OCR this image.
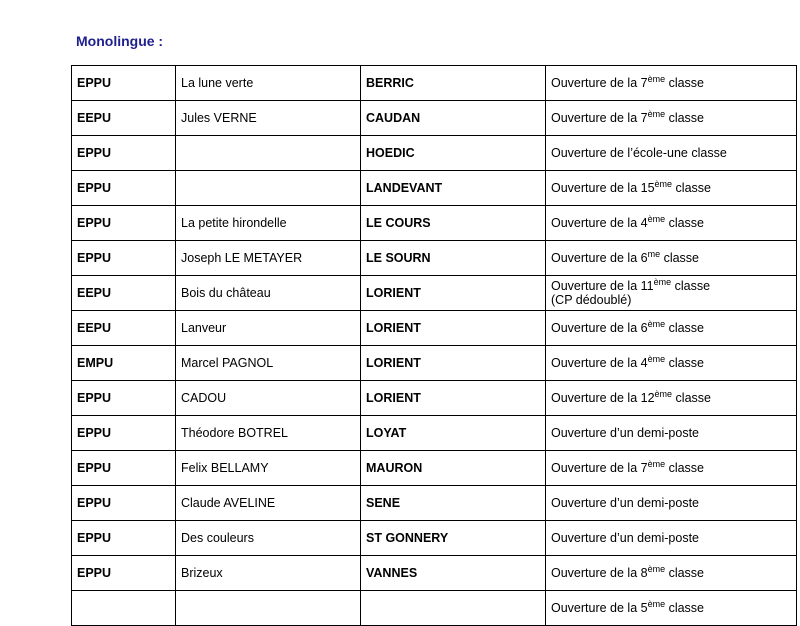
Monolingue :
EPPU	La lune verte	BERRIC	Ouverture de la 7ème classe
EEPU	Jules VERNE	CAUDAN	Ouverture de la 7ème classe
EPPU		HOEDIC	Ouverture de l’école-une classe
EPPU		LANDEVANT	Ouverture de la 15ème classe
EPPU	La petite hirondelle	LE COURS	Ouverture de la 4ème classe
EPPU	Joseph LE METAYER	LE SOURN	Ouverture de la $6^{me}$ classe
EEPU	Bois du château	LORIENT	Ouverture de la 11ème classe
(CP dédoublé)

EEPU	Lanveur	LORIENT	Ouverture de la 6ème classe
EMPU	Marcel PAGNOL	LORIENT	Ouverture de la 4ème classe
EPPU	CADOU	LORIENT	Ouverture de la 12ème classe
EPPU	Théodore BOTREL	LOYAT	Ouverture d’un demi-poste
EPPU	Felix BELLAMY	MAURON	Ouverture de la 7ème classe
EPPU	Claude AVELINE	SENE	Ouverture d’un demi-poste
EPPU	Des couleurs	ST GONNERY	Ouverture d’un demi-poste
EPPU	Brizeux	VANNES	Ouverture de la 8ème classe
			Ouverture de la 5ème classe
